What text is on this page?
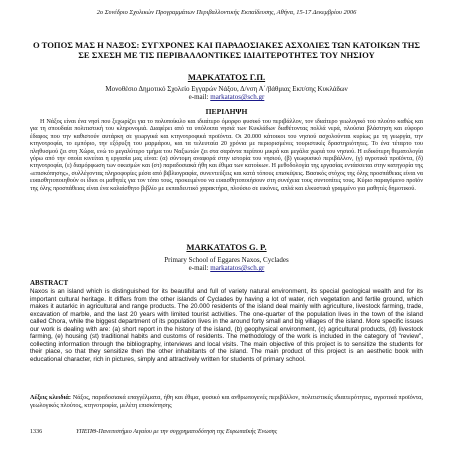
2ο Συνέδριο Σχολικών Προγραμμάτων Περιβαλλοντικής Εκπαίδευσης, Αθήνα, 15-17 Δεκεμβρίου 2006
Ο ΤΟΠΟΣ ΜΑΣ Η ΝΑΞΟΣ: ΣΥΓΧΡΟΝΕΣ ΚΑΙ ΠΑΡΑΔΟΣΙΑΚΕΣ ΑΣΧΟΛΙΕΣ ΤΩΝ ΚΑΤΟΙΚΩΝ ΤΗΣ ΣΕ ΣΧΕΣΗ ΜΕ ΤΙΣ ΠΕΡΙΒΑΛΛΟΝΤΙΚΕΣ ΙΔΙΑΙΤΕΡΟΤΗΤΕΣ ΤΟΥ ΝΗΣΙΟΥ
ΜΑΡΚΑΤΑΤΟΣ Γ.Π.
Μονοθέσιο Δημοτικό Σχολείο Εγγαρών Νάξου, Δ/νση Α΄/βάθμιας Εκπ/σης Κυκλάδων
e-mail: markatatos@sch.gr
ΠΕΡΙΛΗΨΗ

Η Νάξος είναι ένα νησί που ξεχωρίζει για το πολυποίκιλο και ιδιαίτερο όμορφο φυσικό του περιβάλλον, τον ιδιαίτερο γεωλογικό του πλούτο καθώς και για τη σπουδαία πολιτιστική του κληρονομιά. Διαφέρει από τα υπόλοιπα νησιά των Κυκλάδων διαθέτοντας πολλά νερά, πλούσια βλάστηση και εύφορο έδαφος που την καθιστούν αυτάρκη σε γεωργικά και κτηνοτροφικά προϊόντα. Οι 20.000 κάτοικοι του νησιού ασχολούνται κυρίως με τη γεωργία, την κτηνοτροφία, το εμπόριο, την εξόρυξη του μαρμάρου, και τα τελευταία 20 χρόνια με περιορισμένες τουριστικές δραστηριότητες. Το ένα τέταρτο του πληθυσμού ζει στη Χώρα, ενώ το μεγαλύτερο τμήμα του Ναξιωτών ζει στα σαράντα περίπου μικρά και μεγάλα χωριά του νησιού. Η ειδικότερη θεματολογία γύρω από την οποία κινείται η εργασία μας είναι: (α) σύντομη αναφορά στην ιστορία του νησιού, (β) γεωφυσικό περιβάλλον, (γ) αγροτικά προϊόντα, (δ) κτηνοτροφία, (ε) διαμόρφωση των οικισμών και (στ) παραδοσιακά ήθη και έθιμα των κατοίκων. Η μεθοδολογία της εργασίας εντάσσεται στην κατηγορία της «επισκόπησης», συλλέγοντας πληροφορίες μέσα από βιβλιογραφία, συνεντεύξεις και κατά τόπους επισκέψεις. Βασικός στόχος της όλης προσπάθειας είναι να ευαισθητοποιηθούν οι ίδιοι οι μαθητές για τον τόπο τους, προκειμένου να ευαισθητοποιήσουν στη συνέχεια τους συντοπίτες τους. Κύριο παραγόμενο προϊόν της όλης προσπάθειας είναι ένα καλαίσθητο βιβλίο με εκπαιδευτικό χαρακτήρα, πλούσιο σε εικόνες, απλά και ελκυστικά γραμμένο για μαθητές δημοτικού.

MARKATATOS G. P.
Primary School of Eggares Naxos, Cyclades
e-mail: markatatos@sch.gr
ABSTRACT
Naxos is an island which is distinguished for its beautiful and full of variety natural environment, its special geological wealth and for its important cultural heritage. It differs from the other islands of Cyclades by having a lot of water, rich vegetation and fertile ground, which makes it autarkic in agricultural and range products. The 20.000 residents of the island deal mainly with agriculture, livestock farming, trade, excavation of marble, and the last 20 years with limited tourist activities. The one-quarter of the population lives in the town of the island called Chora, while the biggest department of its population lives in the around forty small and big villages of the island. More specific issues our work is dealing with are: (a) short report in the history of the island, (b) geophysical environment, (c) agricultural products, (d) livestock farming, (e) housing (st) traditional habits and customs of residents. The methodology of the work is included in the category of "review", collecting information through the bibliography, interviews and local visits. The main objective of this project is to sensitize the students for their place, so that they sensitize then the other inhabitants of the island. The main product of this project is an aesthetic book with educational character, rich in pictures, simply and attractively written for students of primary school.
Λέξεις κλειδιά: Νάξος, παραδοσιακά επαγγέλματα, ήθη και έθιμα, φυσικό και ανθρωπογενές περιβάλλον, πολιτιστικές ιδιαιτερότητες, αγροτικά προϊόντα, γεωλογικός πλούτος, κτηνοτροφία, μελέτη επισκόπησης
1336	ΥΠΕΠΘ-Πανεπιστήμιο Αιγαίου με την συγχρηματοδότηση της Ευρωπαϊκής Ένωσης
